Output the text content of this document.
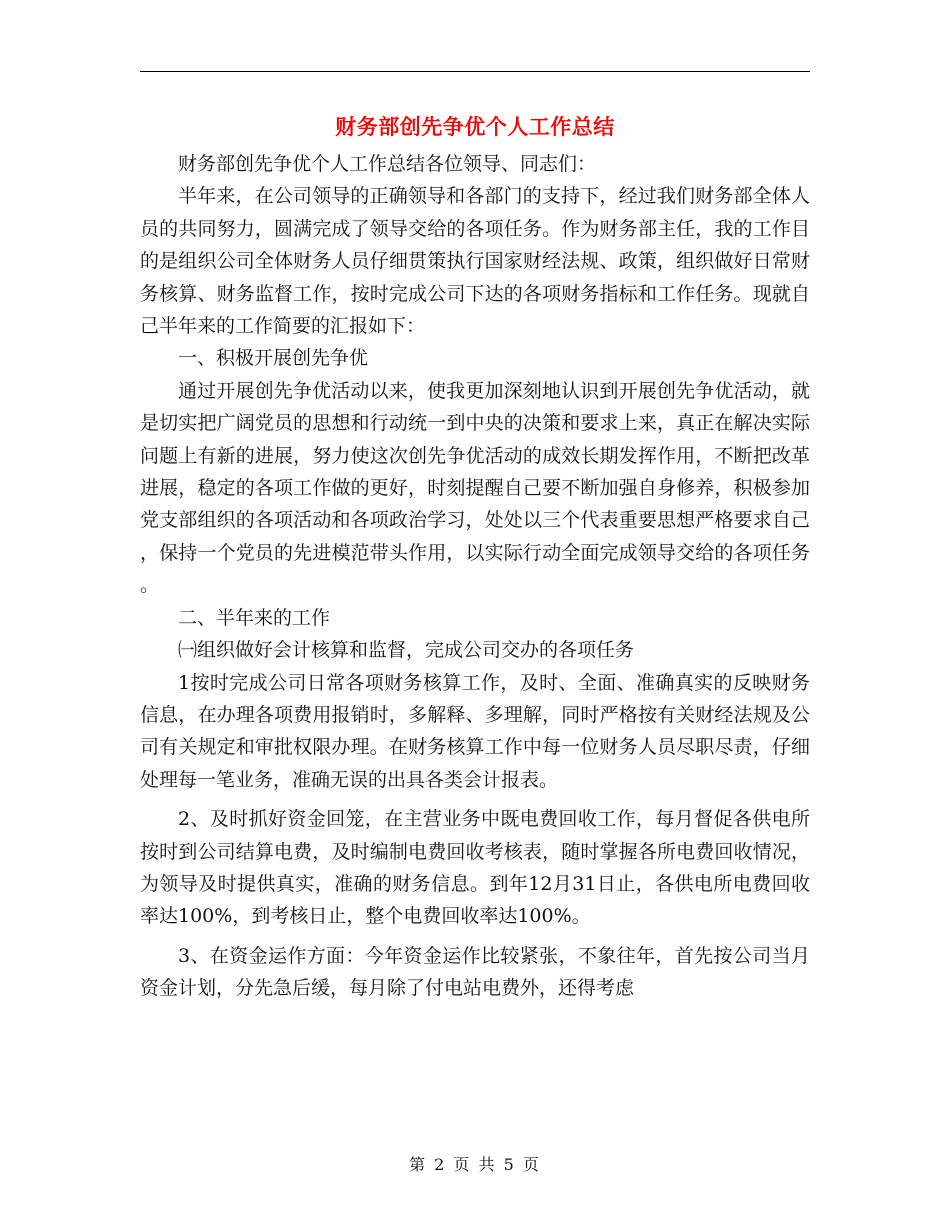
财务部创先争优个人工作总结

财务部创先争优个人工作总结各位领导、同志们：

半年来，在公司领导的正确领导和各部门的支持下，经过我们财务部全体人员的共同努力，圆满完成了领导交给的各项任务。作为财务部主任，我的工作目的是组织公司全体财务人员仔细贯策执行国家财经法规、政策，组织做好日常财务核算、财务监督工作，按时完成公司下达的各项财务指标和工作任务。现就自己半年来的工作简要的汇报如下：

一、积极开展创先争优

通过开展创先争优活动以来，使我更加深刻地认识到开展创先争优活动，就是切实把广阔党员的思想和行动统一到中央的决策和要求上来，真正在解决实际问题上有新的进展，努力使这次创先争优活动的成效长期发挥作用，不断把改革进展，稳定的各项工作做的更好，时刻提醒自己要不断加强自身修养，积极参加党支部组织的各项活动和各项政治学习，处处以三个代表重要思想严格要求自己，保持一个党员的先进模范带头作用，以实际行动全面完成领导交给的各项任务。

二、半年来的工作

㈠组织做好会计核算和监督，完成公司交办的各项任务

1按时完成公司日常各项财务核算工作，及时、全面、准确真实的反映财务信息，在办理各项费用报销时，多解释、多理解，同时严格按有关财经法规及公司有关规定和审批权限办理。在财务核算工作中每一位财务人员尽职尽责，仔细处理每一笔业务，准确无误的出具各类会计报表。

2、及时抓好资金回笼，在主营业务中既电费回收工作，每月督促各供电所按时到公司结算电费，及时编制电费回收考核表，随时掌握各所电费回收情况，为领导及时提供真实，准确的财务信息。到年12月31日止，各供电所电费回收率达100%，到考核日止，整个电费回收率达100%。

3、在资金运作方面：今年资金运作比较紧张，不象往年，首先按公司当月资金计划，分先急后缓，每月除了付电站电费外，还得考虑

第 2 页 共 5 页
